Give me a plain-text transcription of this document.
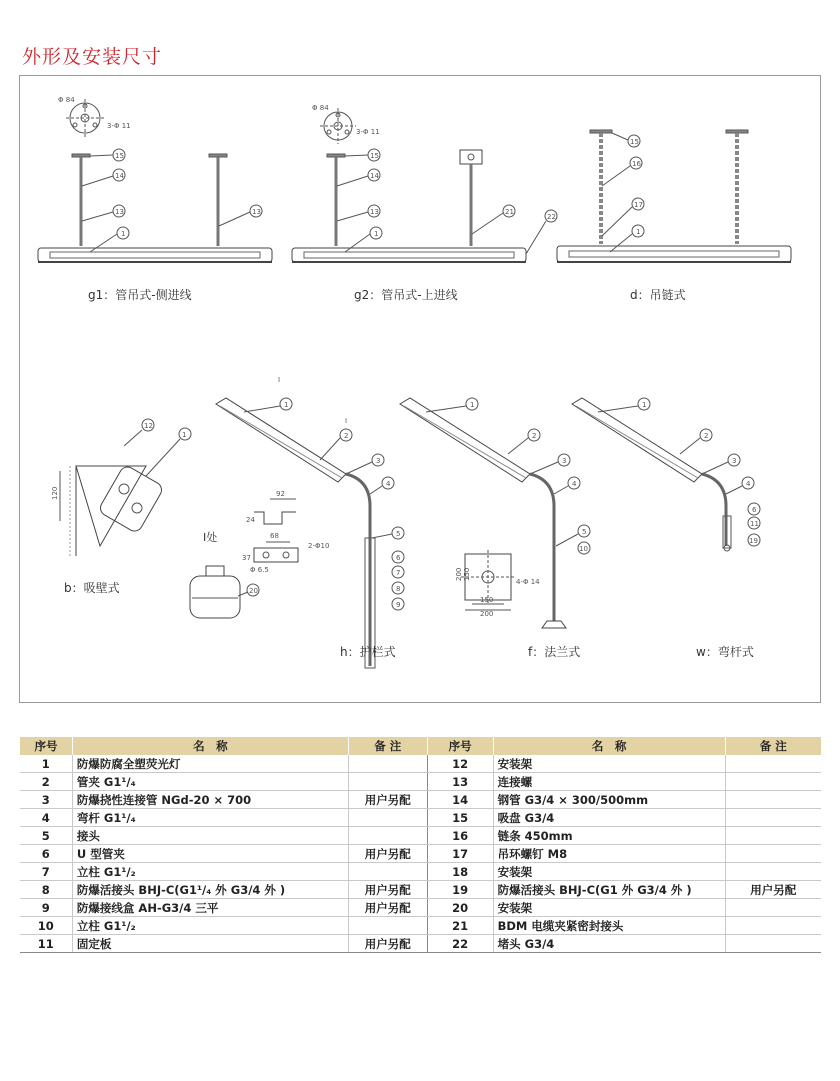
外形及安装尺寸
Φ 84
3-Φ 11
15
14
13	13
1
Φ 84
3-Φ 11
15
14
13
1
21
22
15
16
17
1
120
12
1
92
68
24
37
2-Φ10
Φ 6.5
I处
20
I
I
1
2
3
4
5
6
7
8
9
1
2
3
4
5
10
4-Φ 14
200 150
150
200
1
2
3
4
6
11
19
g1：管吊式-侧进线	g2：管吊式-上进线	d：吊链式
b：吸壁式
h：护栏式	f：法兰式	w：弯杆式
序号	名　称	备 注	序号	名　称	备 注
1	防爆防腐全塑荧光灯		12	安装架	
2	管夹 G1¹/₄		13	连接螺	
3	防爆挠性连接管 NGd-20 × 700	用户另配	14	钢管 G3/4 × 300/500mm	
4	弯杆 G1¹/₄		15	吸盘 G3/4	
5	接头		16	链条 450mm	
6	U 型管夹	用户另配	17	吊环螺钉 M8	
7	立柱 G1¹/₂		18	安装架	
8	防爆活接头 BHJ-C(G1¹/₄ 外 G3/4 外 )	用户另配	19	防爆活接头 BHJ-C(G1 外 G3/4 外 )	用户另配
9	防爆接线盒 AH-G3/4 三平	用户另配	20	安装架	
10	立柱 G1¹/₂		21	BDM 电缆夹紧密封接头	
11	固定板	用户另配	22	堵头 G3/4	
